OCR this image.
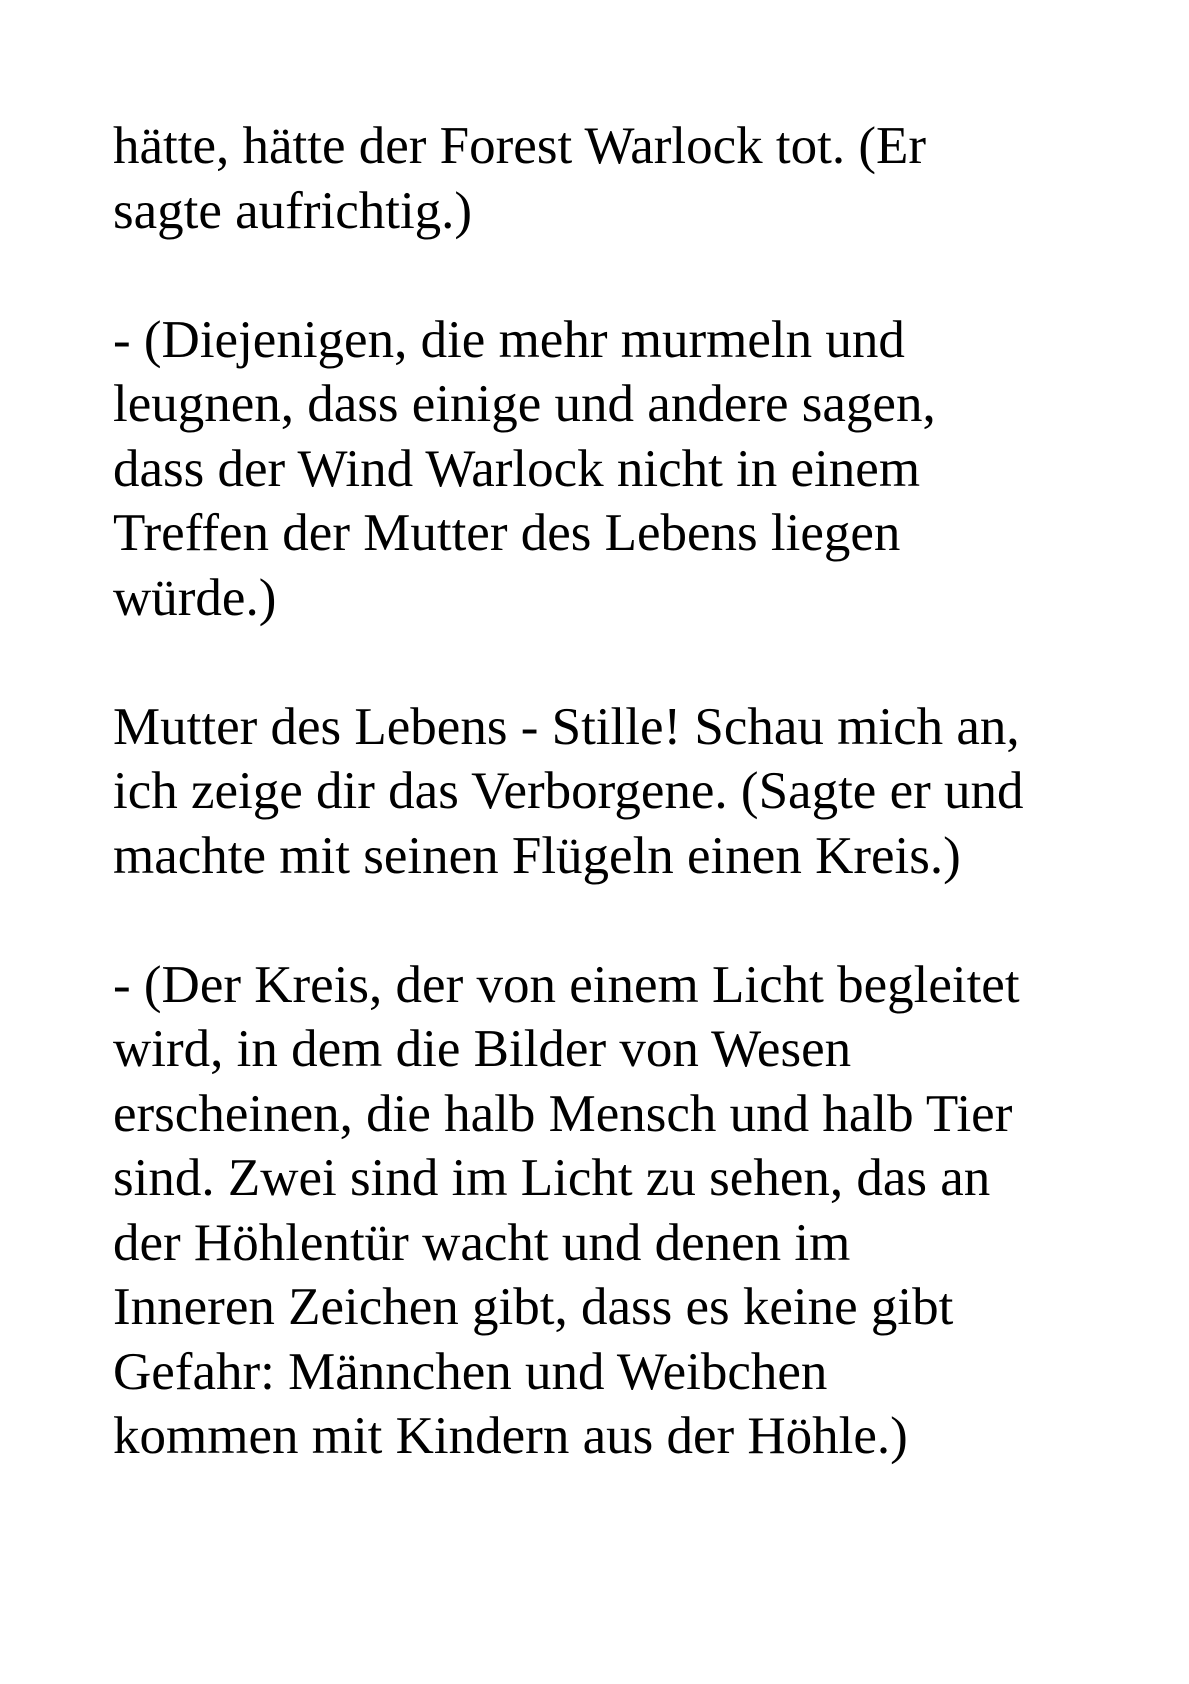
hätte, hätte der Forest Warlock tot. (Er
sagte aufrichtig.)
- (Diejenigen, die mehr murmeln und
leugnen, dass einige und andere sagen,
dass der Wind Warlock nicht in einem
Treffen der Mutter des Lebens liegen
würde.)
Mutter des Lebens - Stille! Schau mich an,
ich zeige dir das Verborgene. (Sagte er und
machte mit seinen Flügeln einen Kreis.)
- (Der Kreis, der von einem Licht begleitet
wird, in dem die Bilder von Wesen
erscheinen, die halb Mensch und halb Tier
sind. Zwei sind im Licht zu sehen, das an
der Höhlentür wacht und denen im
Inneren Zeichen gibt, dass es keine gibt
Gefahr: Männchen und Weibchen
kommen mit Kindern aus der Höhle.)
